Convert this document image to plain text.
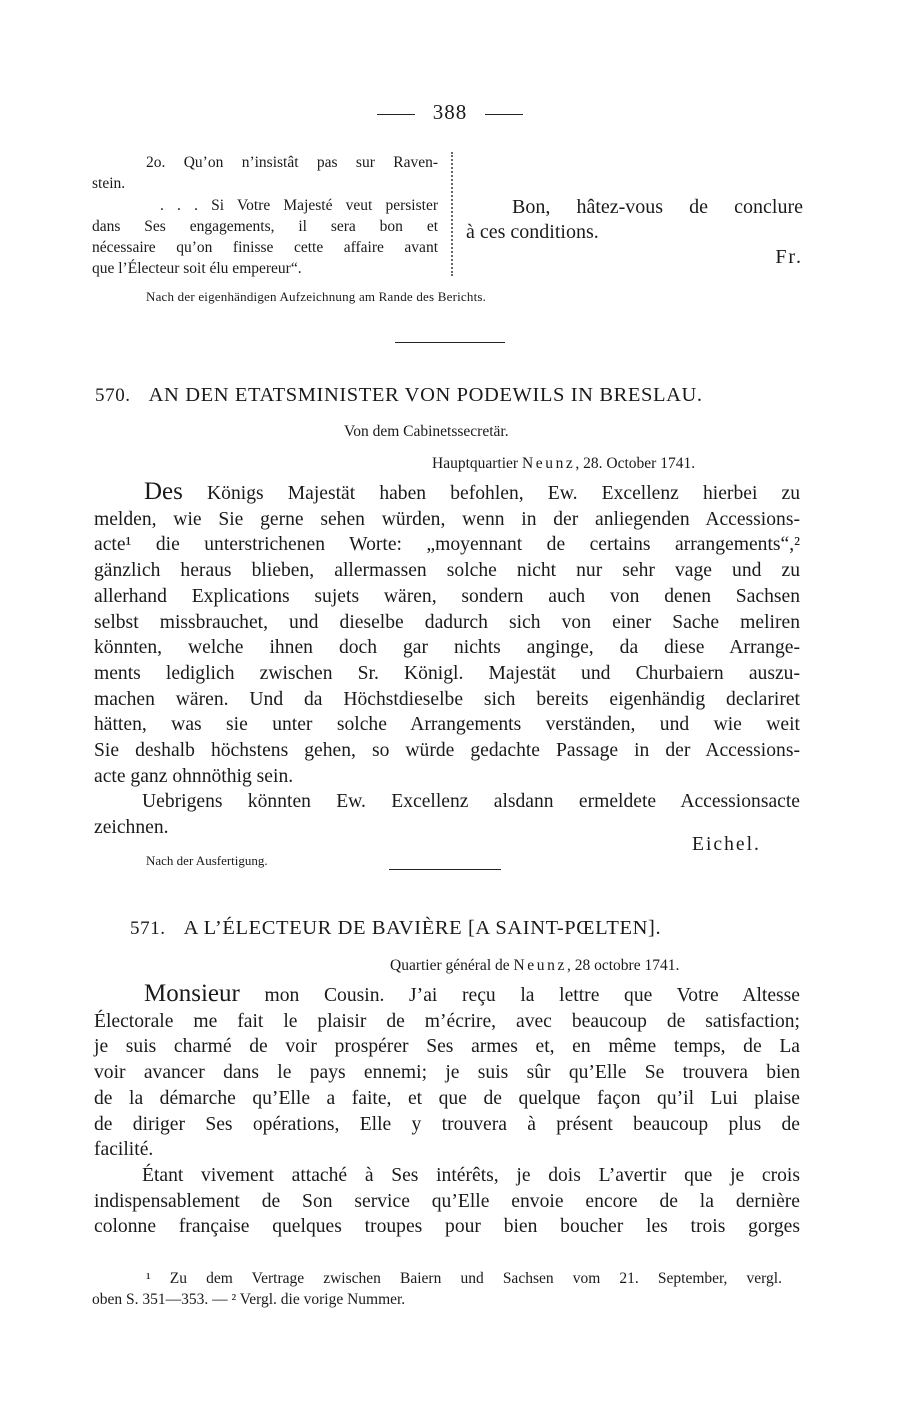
388
2o. Qu’on n’insistât pas sur Raven-
stein.
. . . Si Votre Majesté veut persister
dans Ses engagements, il sera bon et
nécessaire qu’on finisse cette affaire avant
que l’Électeur soit élu empereur“.
Bon, hâtez-vous de conclure
à ces conditions.
Fr.
Nach der eigenhändigen Aufzeichnung am Rande des Berichts.
570. AN DEN ETATSMINISTER VON PODEWILS IN BRESLAU.
Von dem Cabinetssecretär.
Hauptquartier Neunz, 28. October 1741.
Des Königs Majestät haben befohlen, Ew. Excellenz hierbei zu
melden, wie Sie gerne sehen würden, wenn in der anliegenden Accessions-
acte¹ die unterstrichenen Worte: „moyennant de certains arrangements“,²
gänzlich heraus blieben, allermassen solche nicht nur sehr vage und zu
allerhand Explications sujets wären, sondern auch von denen Sachsen
selbst missbrauchet, und dieselbe dadurch sich von einer Sache meliren
könnten, welche ihnen doch gar nichts anginge, da diese Arrange-
ments lediglich zwischen Sr. Königl. Majestät und Churbaiern auszu-
machen wären. Und da Höchstdieselbe sich bereits eigenhändig declariret
hätten, was sie unter solche Arrangements verständen, und wie weit
Sie deshalb höchstens gehen, so würde gedachte Passage in der Accessions-
acte ganz ohnnöthig sein.
Uebrigens könnten Ew. Excellenz alsdann ermeldete Accessionsacte
zeichnen.
Eichel.
Nach der Ausfertigung.
571. A L’ÉLECTEUR DE BAVIÈRE [A SAINT-PŒLTEN].
Quartier général de Neunz, 28 octobre 1741.
Monsieur mon Cousin. J’ai reçu la lettre que Votre Altesse
Électorale me fait le plaisir de m’écrire, avec beaucoup de satisfaction;
je suis charmé de voir prospérer Ses armes et, en même temps, de La
voir avancer dans le pays ennemi; je suis sûr qu’Elle Se trouvera bien
de la démarche qu’Elle a faite, et que de quelque façon qu’il Lui plaise
de diriger Ses opérations, Elle y trouvera à présent beaucoup plus de
facilité.
Étant vivement attaché à Ses intérêts, je dois L’avertir que je crois
indispensablement de Son service qu’Elle envoie encore de la dernière
colonne française quelques troupes pour bien boucher les trois gorges
¹ Zu dem Vertrage zwischen Baiern und Sachsen vom 21. September, vergl.
oben S. 351—353. — ² Vergl. die vorige Nummer.
